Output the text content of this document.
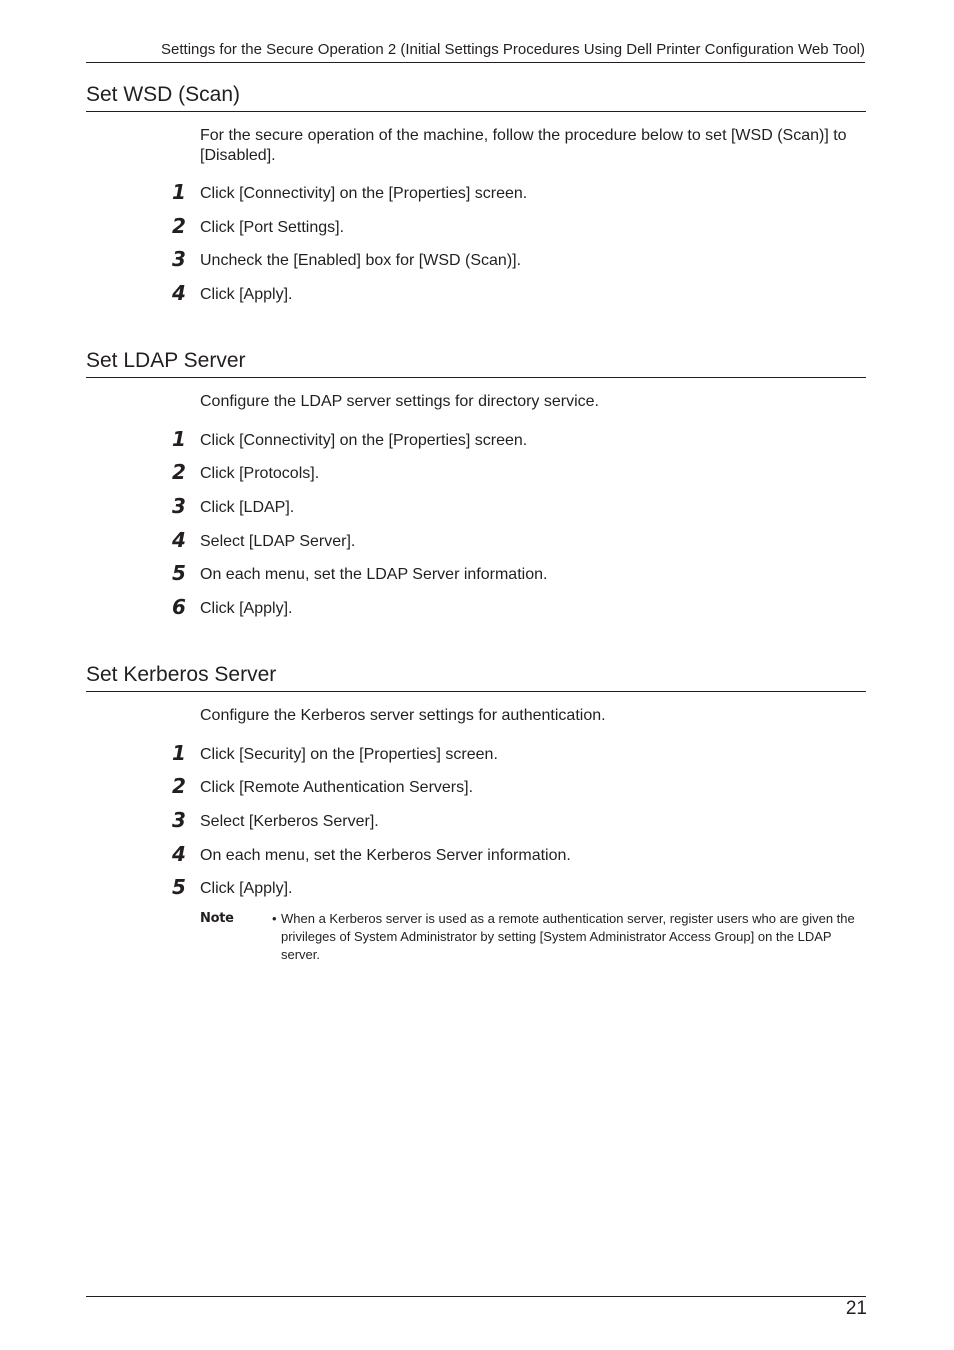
Settings for the Secure Operation 2 (Initial Settings Procedures Using Dell Printer Configuration Web Tool)
Set WSD (Scan)

For the secure operation of the machine, follow the procedure below to set [WSD (Scan)] to [Disabled].

1 Click [Connectivity] on the [Properties] screen.
2 Click [Port Settings].
3 Uncheck the [Enabled] box for [WSD (Scan)].
4 Click [Apply].
Set LDAP Server

Configure the LDAP server settings for directory service.

1 Click [Connectivity] on the [Properties] screen.
2 Click [Protocols].
3 Click [LDAP].
4 Select [LDAP Server].
5 On each menu, set the LDAP Server information.
6 Click [Apply].
Set Kerberos Server

Configure the Kerberos server settings for authentication.

1 Click [Security] on the [Properties] screen.
2 Click [Remote Authentication Servers].
3 Select [Kerberos Server].
4 On each menu, set the Kerberos Server information.
5 Click [Apply].
Note	• When a Kerberos server is used as a remote authentication server, register users who are given the privileges of System Administrator by setting [System Administrator Access Group] on the LDAP server.
21
